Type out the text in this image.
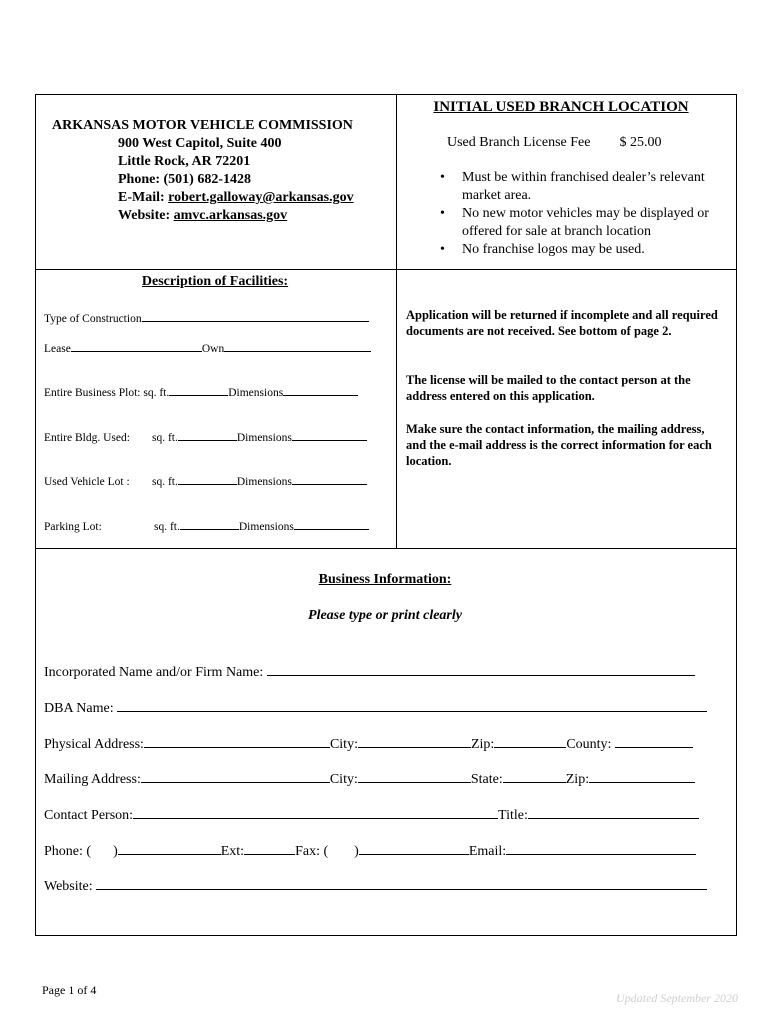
ARKANSAS MOTOR VEHICLE COMMISSION
900 West Capitol, Suite 400
Little Rock, AR 72201
Phone: (501) 682-1428
E-Mail: robert.galloway@arkansas.gov
Website: amvc.arkansas.gov
INITIAL USED BRANCH LOCATION
Used Branch License Fee $ 25.00
• Must be within franchised dealer’s relevant market area.
• No new motor vehicles may be displayed or offered for sale at branch location
• No franchise logos may be used.
Description of Facilities:
Type of Construction
Lease	Own
Entire Business Plot: sq. ft.	Dimensions
Entire Bldg. Used: sq. ft.	Dimensions
Used Vehicle Lot : sq. ft.	Dimensions
Parking Lot:	sq. ft.	Dimensions
Application will be returned if incomplete and all required documents are not received. See bottom of page 2.
The license will be mailed to the contact person at the address entered on this application.
Make sure the contact information, the mailing address, and the e-mail address is the correct information for each location.
Business Information:
Please type or print clearly
Incorporated Name and/or Firm Name:
DBA Name:
Physical Address:	City:	Zip:	County:
Mailing Address:	City:	State:	Zip:
Contact Person:	Title:
Phone: ( )	Ext:	Fax: ( )	Email:
Website:
Page 1 of 4
Updated September 2020
